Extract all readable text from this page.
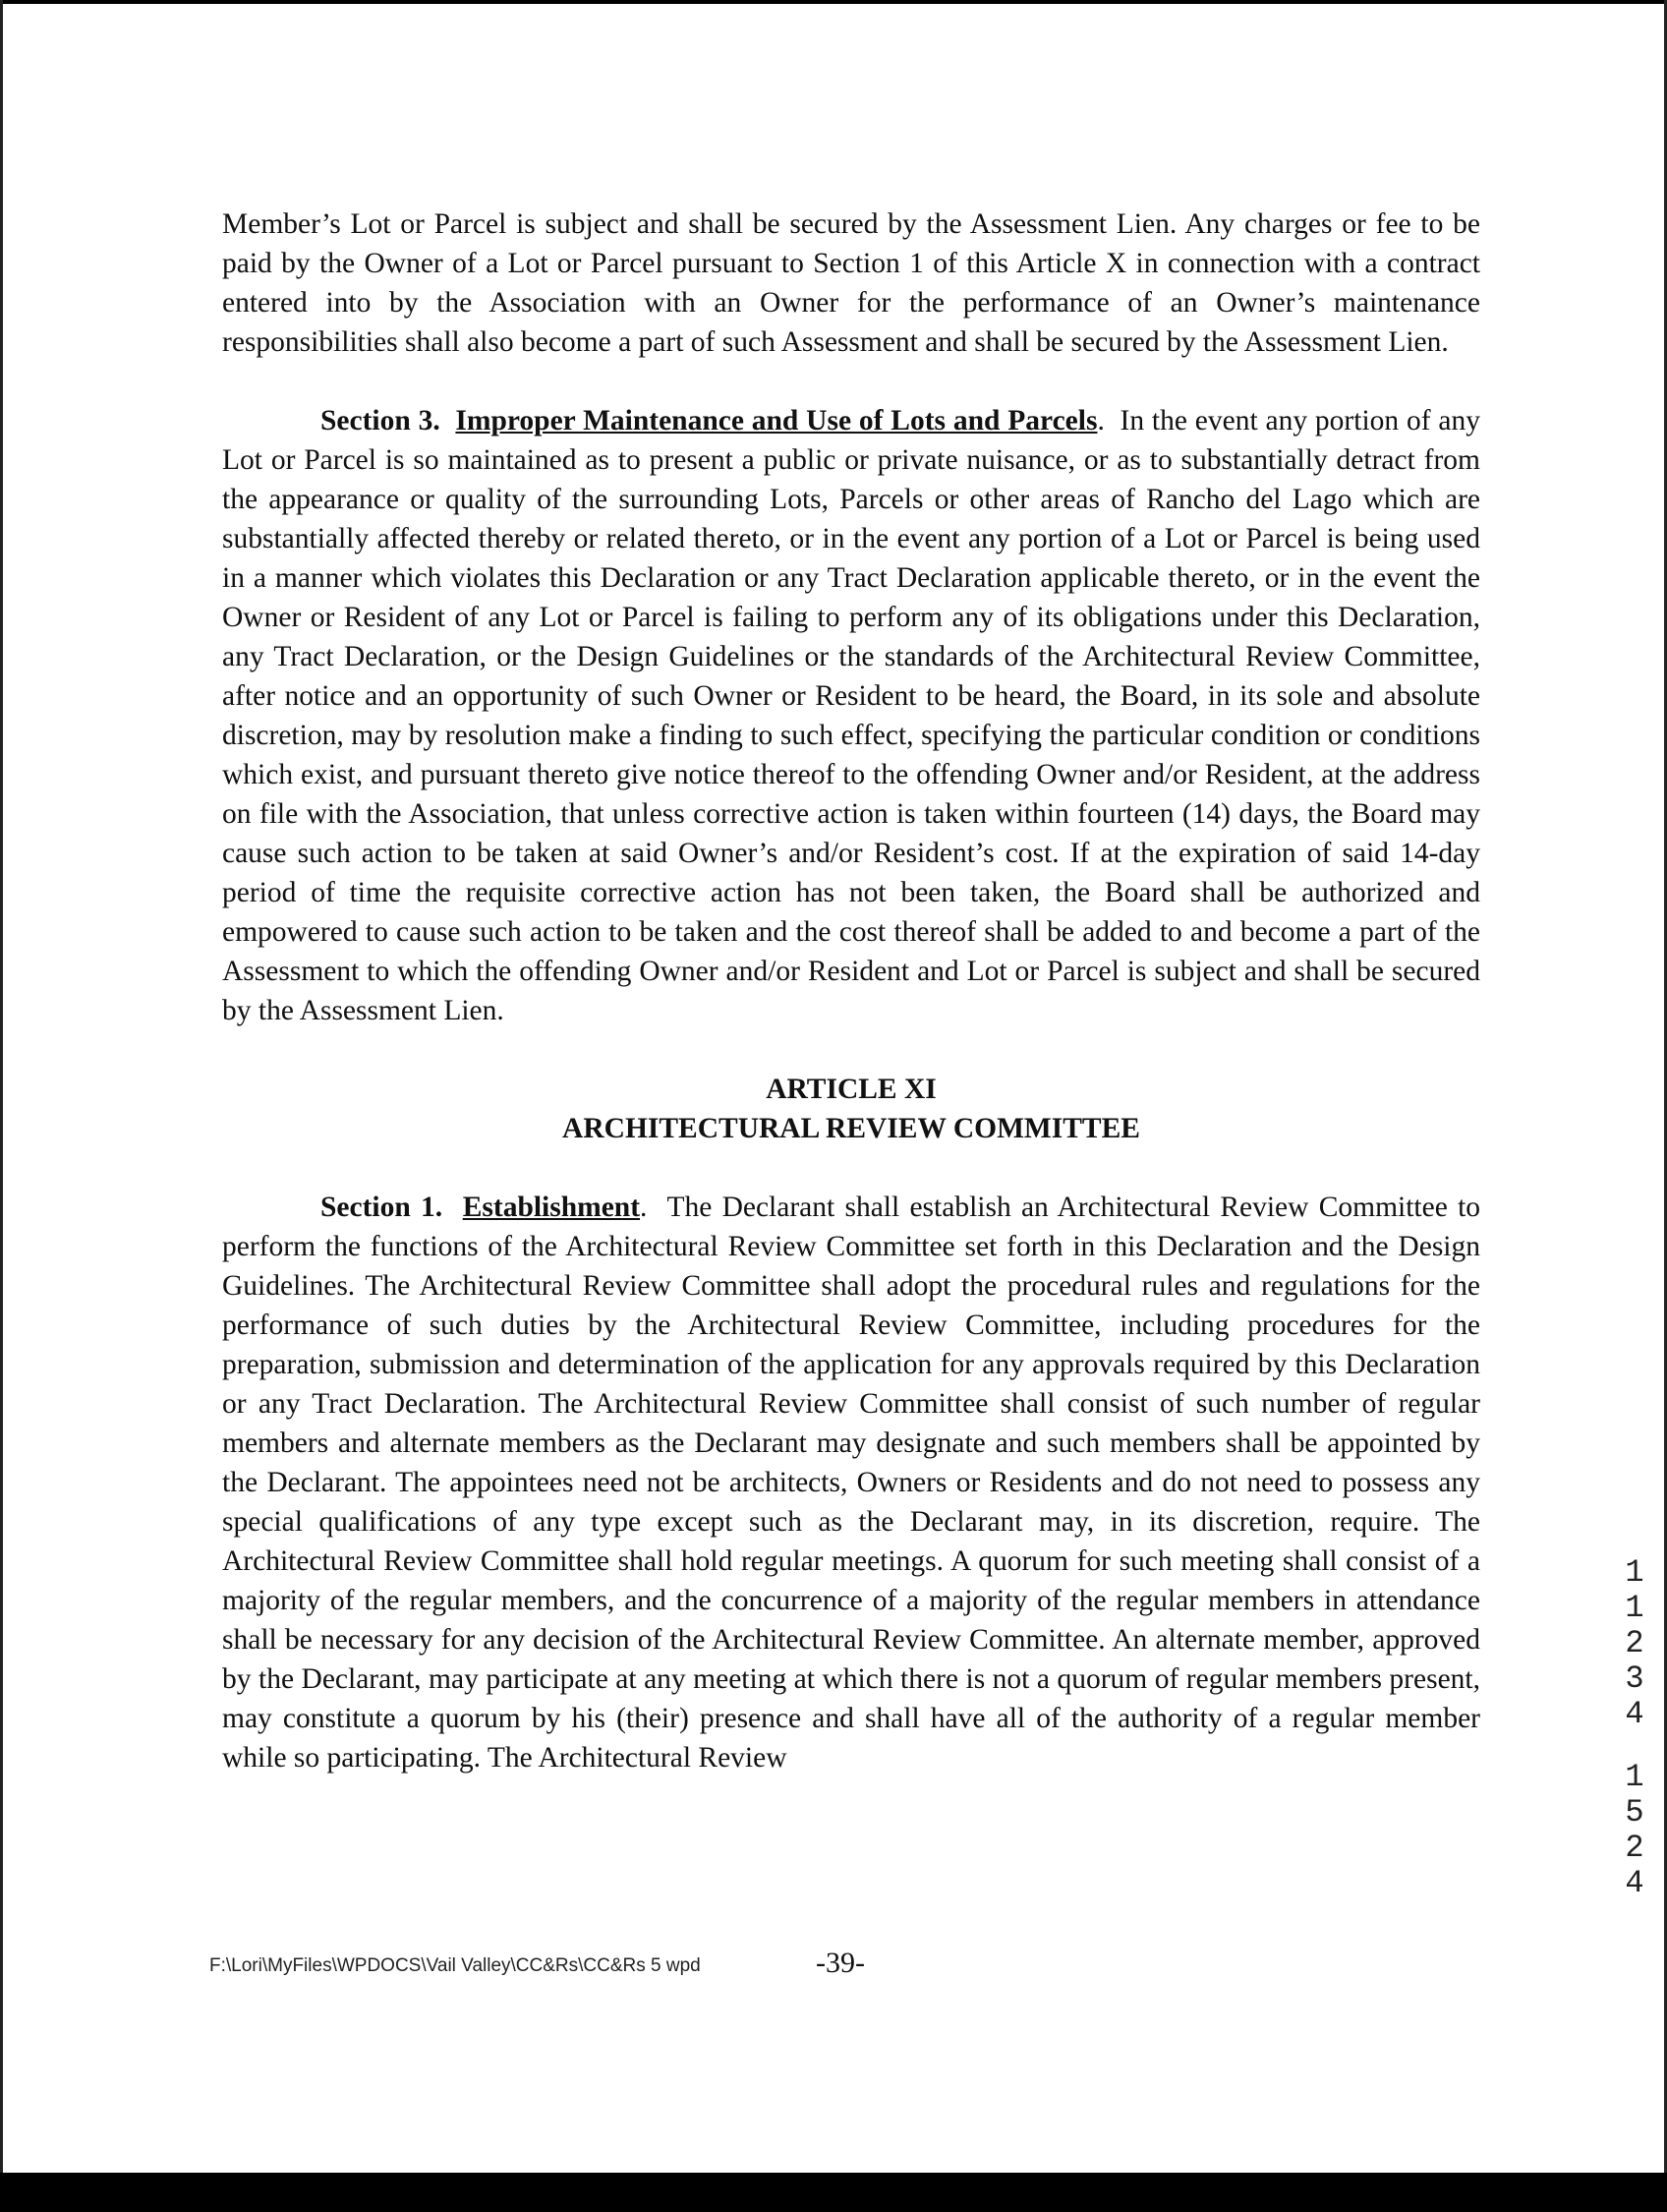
Member’s Lot or Parcel is subject and shall be secured by the Assessment Lien. Any charges or fee to be paid by the Owner of a Lot or Parcel pursuant to Section 1 of this Article X in connection with a contract entered into by the Association with an Owner for the performance of an Owner’s maintenance responsibilities shall also become a part of such Assessment and shall be secured by the Assessment Lien.

Section 3. Improper Maintenance and Use of Lots and Parcels.  In the event any portion of any Lot or Parcel is so maintained as to present a public or private nuisance, or as to substantially detract from the appearance or quality of the surrounding Lots, Parcels or other areas of Rancho del Lago which are substantially affected thereby or related thereto, or in the event any portion of a Lot or Parcel is being used in a manner which violates this Declaration or any Tract Declaration applicable thereto, or in the event the Owner or Resident of any Lot or Parcel is failing to perform any of its obligations under this Declaration, any Tract Declaration, or the Design Guidelines or the standards of the Architectural Review Committee, after notice and an opportunity of such Owner or Resident to be heard, the Board, in its sole and absolute discretion, may by resolution make a finding to such effect, specifying the particular condition or conditions which exist, and pursuant thereto give notice thereof to the offending Owner and/or Resident, at the address on file with the Association, that unless corrective action is taken within fourteen (14) days, the Board may cause such action to be taken at said Owner’s and/or Resident’s cost. If at the expiration of said 14-day period of time the requisite corrective action has not been taken, the Board shall be authorized and empowered to cause such action to be taken and the cost thereof shall be added to and become a part of the Assessment to which the offending Owner and/or Resident and Lot or Parcel is subject and shall be secured by the Assessment Lien.

ARTICLE XI
ARCHITECTURAL REVIEW COMMITTEE

Section 1. Establishment.  The Declarant shall establish an Architectural Review Committee to perform the functions of the Architectural Review Committee set forth in this Declaration and the Design Guidelines. The Architectural Review Committee shall adopt the procedural rules and regulations for the performance of such duties by the Architectural Review Committee, including procedures for the preparation, submission and determination of the application for any approvals required by this Declaration or any Tract Declaration. The Architectural Review Committee shall consist of such number of regular members and alternate members as the Declarant may designate and such members shall be appointed by the Declarant. The appointees need not be architects, Owners or Residents and do not need to possess any special qualifications of any type except such as the Declarant may, in its discretion, require. The Architectural Review Committee shall hold regular meetings. A quorum for such meeting shall consist of a majority of the regular members, and the concurrence of a majority of the regular members in attendance shall be necessary for any decision of the Architectural Review Committee. An alternate member, approved by the Declarant, may participate at any meeting at which there is not a quorum of regular members present, may constitute a quorum by his (their) presence and shall have all of the authority of a regular member while so participating. The Architectural Review

F:\Lori\MyFiles\WPDOCS\Vail Valley\CC&Rs\CC&Rs 5 wpd	-39-
1
1
2
3
4
1
5
2
4
